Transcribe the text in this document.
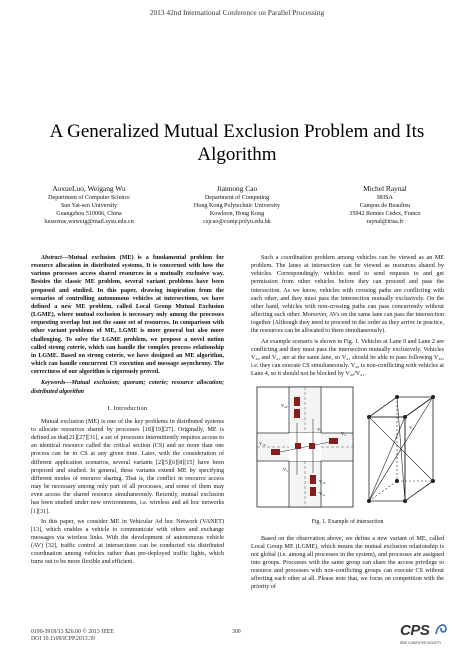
2013 42nd International Conference on Parallel Processing
A Generalized Mutual Exclusion Problem and Its
Algorithm
AoxueLuo, Weigang Wu
Department of Computer Science
Sun Yat-sen University
Guangzhou 510006, China
luoaoxue,wuweig@mail.sysu.edu.cn
Jiannong Cao
Department of Computing
Hong Kong Polytechnic University
Kowloon, Hong Kong
csjcao@comp.polyu.edu.hk
Michel Raynal
IRISA
Campus de Beaulieu
35042 Rennes Cedex, France
raynal@irisa.fr

Abstract—Mutual exclusion (ME) is a fundamental problem for resource allocation in distributed systems, It is concerned with how the various processes access shared resources in a mutually exclusive way. Besides the classic ME problem, several variant problems have been proposed and studied. In this paper, drawing inspiration from the scenarios of controlling autonomous vehicles at intersections, we have defined a new ME problem, called Local Group Mutual Exclusion (LGME), where mutual exclusion is necessary only among the processes requesting overlap but not the same set of resources. In comparison with other variant problems of ME, LGME is more general but also more challenging. To solve the LGME problem, we propose a novel notion called strong coterie, which can handle the complex process relationship in LGME. Based on strong coterie, we have designed an ME algorithm, which can handle concurrent CS execution and message asynchrony. The correctness of our algorithm is rigorously proved.

Keywords—Mutual exclusion; quorum; coterie; resource allocation; distributed algorithm

I. Introduction

Mutual exclusion (ME) is one of the key problems in distributed systems to allocate resources shared by processes [18][19][27]. Originally, ME is defined as that[21][27][31], a set of processes intermittently requires access to an identical resource called the critical section (CS) and no more than one process can be in CS at any given time. Later, with the consideration of different application scenarios, several variants [2][5][6][8][15] have been proposed and studied. In general, these variants extend ME by specifying different modes of resource sharing. That is, the conflict in resource access may be necessary among only part of all processes, and some of them may even access the shared resource simultaneously. Recently, mutual exclusion has been studied under new environments, i.e. wireless and ad hoc networks [1][31].

In this paper, we consider ME in Vehicular Ad hoc Network (VANET) [13], which enables a vehicle to communicate with others and exchange messages via wireless links. With the development of autonomous vehicle (AV) [32], traffic control at intersections can be conducted via distributed coordination among vehicles rather than pre-deployed traffic lights, which turns out to be more flexible and efficient.

Such a coordination problem among vehicles can be viewed as an ME problem. The lanes at intersection can be viewed as resources shared by vehicles. Correspondingly, vehicles need to send requests to and get permission from other vehicles before they can proceed and pass the intersection. As we know, vehicles with crossing paths are conflicting with each other, and they must pass the intersection mutually exclusively. On the other hand, vehicles with non-crossing paths can pass concurrently without affecting each other. Moreover, AVs on the same lane can pass the intersection together (Although they need to proceed in the order as they arrive in practice, the resources can be allocated to them simultaneously).

An example scenario is shown in Fig. 1. Vehicles at Lane 0 and Lane 2 are conflicting and they must pass the intersection mutually exclusively. Vehicles V₄₀ and V₄₁ are at the same lane, so V₄₁ should be able to pass following V₄₀, i.e. they can execute CS simultaneously. V₄₀ is non-conflicting with vehicles at Lane 4, so it should not be blocked by V₄₀/V₄₁.

V₄₀
V₁₀
V₀
V₃
V₂₀
V₂₁
V₂
V₄
Fig. 1. Example of intersection

Based on the observation above, we define a new variant of ME, called Local Group ME (LGME), which means the mutual exclusion relationship is not global (i.e. among all processes in the system), and processes are assigned into groups. Processes with the same group can share the access privilege to resource and processes with non-conflicting groups can execute CS without affecting each other at all. Please note that, we focus on competition with the priority of

0190-3918/13 $26.00 © 2013 IEEE
DOI 10.1109/ICPP.2013.39
300	CPS
IEEE COMPUTER SOCIETY
